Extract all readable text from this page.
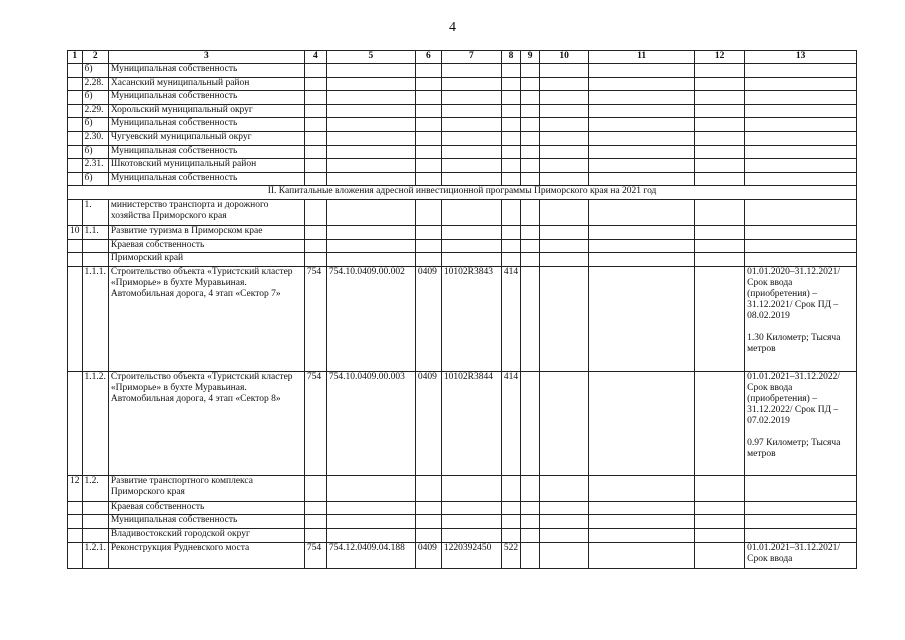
4
1	2	3	4	5	6	7	8	9	10	11	12	13
	б)	Муниципальная собственность										
	2.28.	Хасанский муниципальный район										
	б)	Муниципальная собственность										
	2.29.	Хорольский муниципальный округ										
	б)	Муниципальная собственность										
	2.30.	Чугуевский муниципальный округ										
	б)	Муниципальная собственность										
	2.31.	Шкотовский муниципальный район										
	б)	Муниципальная собственность										
II. Капитальные вложения адресной инвестиционной программы Приморского края на 2021 год												
	1.	министерство транспорта и дорожного хозяйства Приморского края										
10	1.1.	Развитие туризма в Приморском крае										
		Краевая собственность										
		Приморский край										
	1.1.1.	Строительство объекта «Туристский кластер «Приморье» в бухте Муравьиная. Автомобильная дорога, 4 этап «Сектор 7»	754	754.10.0409.00.002	0409	10102R3843	414					01.01.2020–31.12.2021/ Срок ввода (приобретения) – 31.12.2021/ Срок ПД – 08.02.2019
1.30 Километр; Тысяча метров

	1.1.2.	Строительство объекта «Туристский кластер «Приморье» в бухте Муравьиная. Автомобильная дорога, 4 этап «Сектор 8»	754	754.10.0409.00.003	0409	10102R3844	414					01.01.2021–31.12.2022/ Срок ввода (приобретения) – 31.12.2022/ Срок ПД – 07.02.2019
0.97 Километр; Тысяча метров

12	1.2.	Развитие транспортного комплекса Приморского края										
		Краевая собственность										
		Муниципальная собственность										
		Владивостокский городской округ										
	1.2.1.	Реконструкция Рудневского моста	754	754.12.0409.04.188	0409	1220392450	522					01.01.2021–31.12.2021/ Срок ввода
